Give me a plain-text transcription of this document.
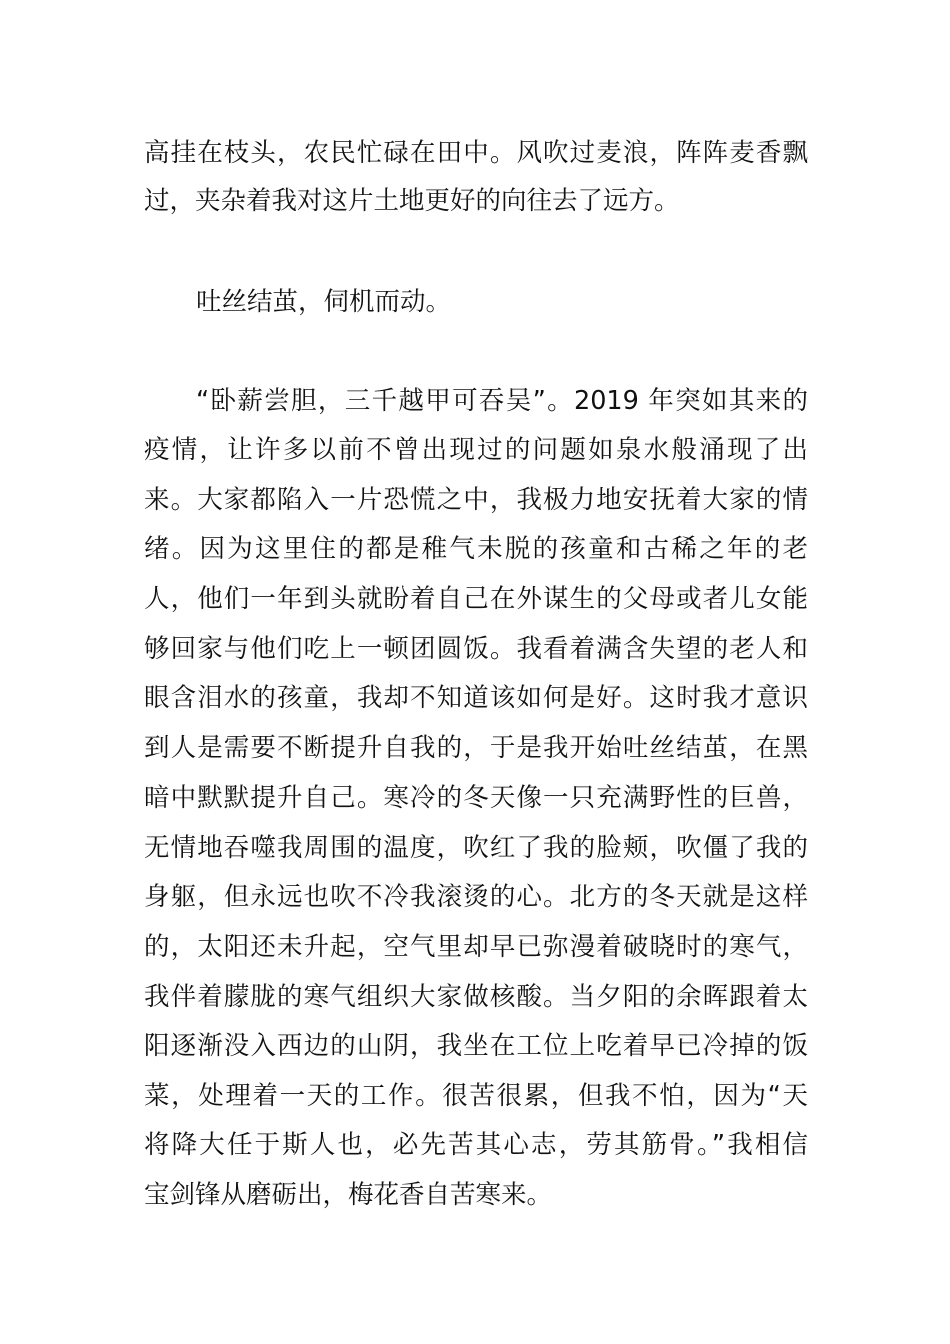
高挂在枝头，农民忙碌在田中。风吹过麦浪，阵阵麦香飘
过，夹杂着我对这片土地更好的向往去了远方。
吐丝结茧，伺机而动。
“卧薪尝胆，三千越甲可吞吴”。2019 年突如其来的
疫情，让许多以前不曾出现过的问题如泉水般涌现了出
来。大家都陷入一片恐慌之中，我极力地安抚着大家的情
绪。因为这里住的都是稚气未脱的孩童和古稀之年的老
人，他们一年到头就盼着自己在外谋生的父母或者儿女能
够回家与他们吃上一顿团圆饭。我看着满含失望的老人和
眼含泪水的孩童，我却不知道该如何是好。这时我才意识
到人是需要不断提升自我的，于是我开始吐丝结茧，在黑
暗中默默提升自己。寒冷的冬天像一只充满野性的巨兽，
无情地吞噬我周围的温度，吹红了我的脸颊，吹僵了我的
身躯，但永远也吹不冷我滚烫的心。北方的冬天就是这样
的，太阳还未升起，空气里却早已弥漫着破晓时的寒气，
我伴着朦胧的寒气组织大家做核酸。当夕阳的余晖跟着太
阳逐渐没入西边的山阴，我坐在工位上吃着早已冷掉的饭
菜，处理着一天的工作。很苦很累，但我不怕，因为“天
将降大任于斯人也，必先苦其心志，劳其筋骨。”我相信
宝剑锋从磨砺出，梅花香自苦寒来。
